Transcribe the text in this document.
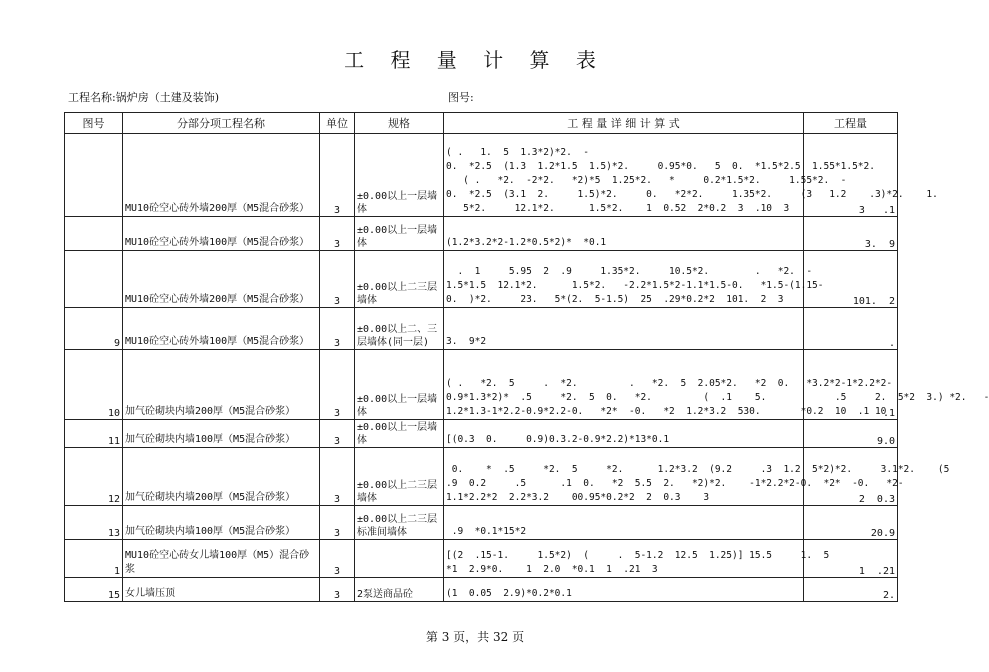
工 程 量 计 算 表
工程名称:锅炉房（土建及装饰)	图号:
图号	分部分项工程名称	单位	规格	工 程 量 详 细 计 算 式	工程量
	MU10砼空心砖外墙200厚（M5混合砂浆）	3	±0.00以上一层墙体	( .   1.  5  1.3*2)*2.  -
0.  *2.5  (1.3  1.2*1.5  1.5)*2.     0.95*0.   5  0.  *1.5*2.5  1.55*1.5*2.
( .   *2.  -2*2.   *2)*5  1.25*2.   *     0.2*1.5*2.     1.55*2.  -
0.  *2.5  (3.1  2.     1.5)*2.     0.   *2*2.     1.35*2.     (3   1.2    .3)*2.    1.
5*2.     12.1*2.      1.5*2.    1  0.52  2*0.2  3  .10  3	3   .1
	MU10砼空心砖外墙100厚（M5混合砂浆）	3	±0.00以上一层墙体	(1.2*3.2*2-1.2*0.5*2)*  *0.1	3.  9
	MU10砼空心砖外墙200厚（M5混合砂浆）	3	±0.00以上二三层墙体	.  1     5.95  2  .9     1.35*2.     10.5*2.        .   *2.  -
1.5*1.5  12.1*2.      1.5*2.   -2.2*1.5*2-1.1*1.5-0.   *1.5-(1.15-
0.  )*2.     23.   5*(2.  5-1.5)  25  .29*0.2*2  101.  2  3	101.  2
9	MU10砼空心砖外墙100厚（M5混合砂浆）	3	±0.00以上二、三层墙体(同一层)	3.  9*2	.
10	加气砼砌块内墙200厚（M5混合砂浆）	3	±0.00以上一层墙体	( .   *2.  5     .  *2.         .   *2.  5  2.05*2.   *2  0.   *3.2*2-1*2.2*2-
0.9*1.3*2)*  .5     *2.  5  0.   *2.         (  .1    5.            .5     2.  5*2  3.) *2.   -
1.2*1.3-1*2.2-0.9*2.2-0.   *2*  -0.   *2  1.2*3.2  530.       *0.2  10  .1 10	.1
11	加气砼砌块内墙100厚（M5混合砂浆）	3	±0.00以上一层墙体	[(0.3  0.     0.9)0.3.2-0.9*2.2)*13*0.1	9.0
12	加气砼砌块内墙200厚（M5混合砂浆）	3	±0.00以上二三层墙体	0.    *  .5     *2.  5     *2.      1.2*3.2  (9.2     .3  1.2  5*2)*2.     3.1*2.    (5
.9  0.2     .5      .1  0.   *2  5.5  2.   *2)*2.    -1*2.2*2-0.  *2*  -0.   *2-
1.1*2.2*2  2.2*3.2    00.95*0.2*2  2  0.3    3	2  0.3
13	加气砼砌块内墙100厚（M5混合砂浆）	3	±0.00以上二三层标准间墙体	.9  *0.1*15*2	20.9
1	MU10砼空心砖女儿墙100厚（M5）混合砂浆	3		[(2  .15-1.     1.5*2)  (     .  5-1.2  12.5  1.25)] 15.5     1.  5
*1  2.9*0.    1  2.0  *0.1  1  .21  3	1  .21
15	女儿墙压顶	3	2泵送商品砼	(1  0.05  2.9)*0.2*0.1	2.
第 3 页，共 32 页
